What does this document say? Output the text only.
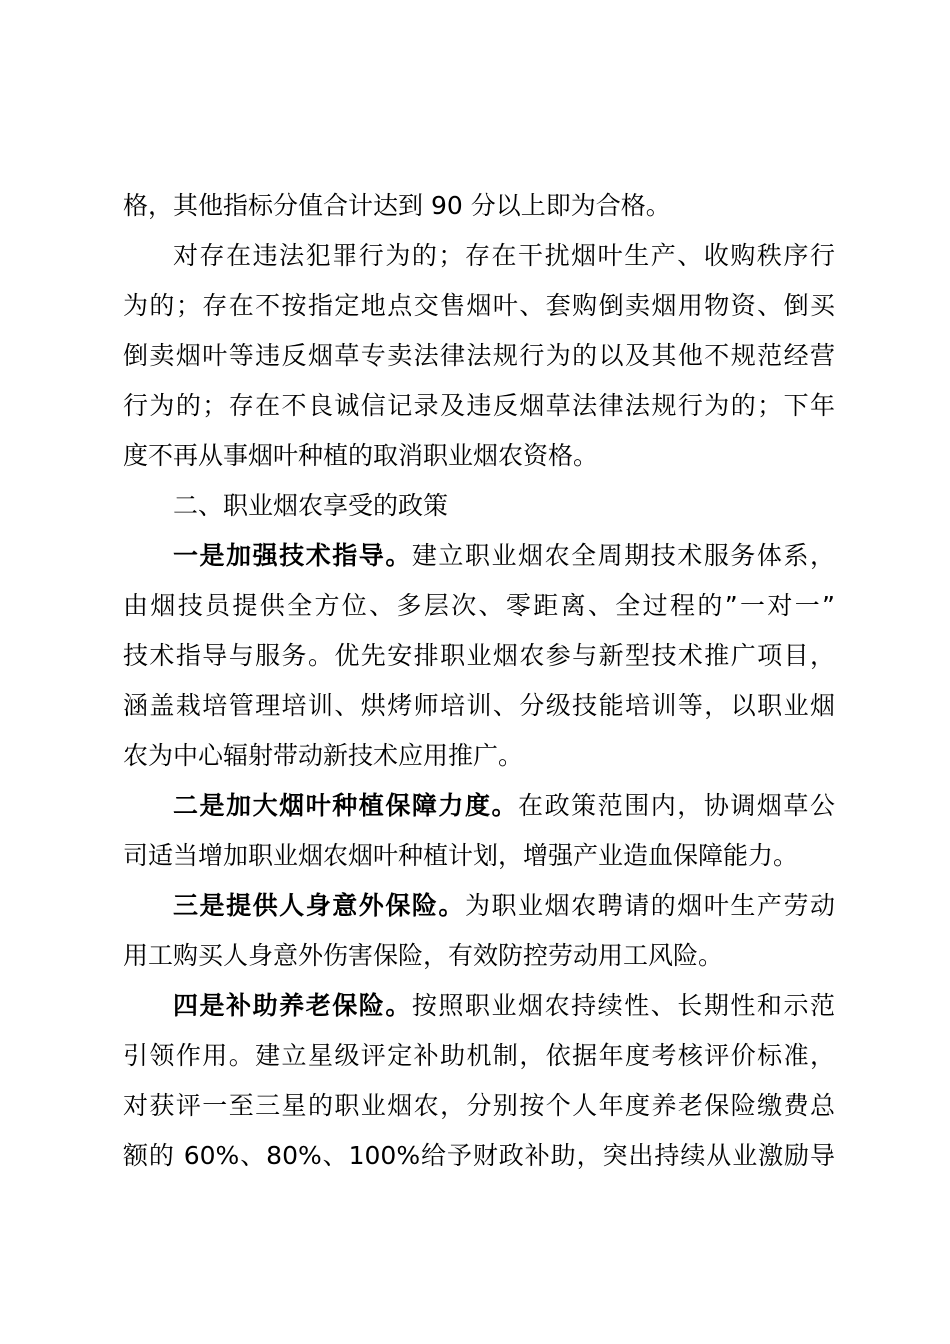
格，其他指标分值合计达到 90 分以上即为合格。
对存在违法犯罪行为的；存在干扰烟叶生产、收购秩序行
为的；存在不按指定地点交售烟叶、套购倒卖烟用物资、倒买
倒卖烟叶等违反烟草专卖法律法规行为的以及其他不规范经营
行为的；存在不良诚信记录及违反烟草法律法规行为的；下年
度不再从事烟叶种植的取消职业烟农资格。
二、职业烟农享受的政策
一是加强技术指导。建立职业烟农全周期技术服务体系，
由烟技员提供全方位、多层次、零距离、全过程的”一对一”
技术指导与服务。优先安排职业烟农参与新型技术推广项目，
涵盖栽培管理培训、烘烤师培训、分级技能培训等，以职业烟
农为中心辐射带动新技术应用推广。
二是加大烟叶种植保障力度。在政策范围内，协调烟草公
司适当增加职业烟农烟叶种植计划，增强产业造血保障能力。
三是提供人身意外保险。为职业烟农聘请的烟叶生产劳动
用工购买人身意外伤害保险，有效防控劳动用工风险。
四是补助养老保险。按照职业烟农持续性、长期性和示范
引领作用。建立星级评定补助机制，依据年度考核评价标准，
对获评一至三星的职业烟农，分别按个人年度养老保险缴费总
额的 60%、80%、100%给予财政补助，突出持续从业激励导
